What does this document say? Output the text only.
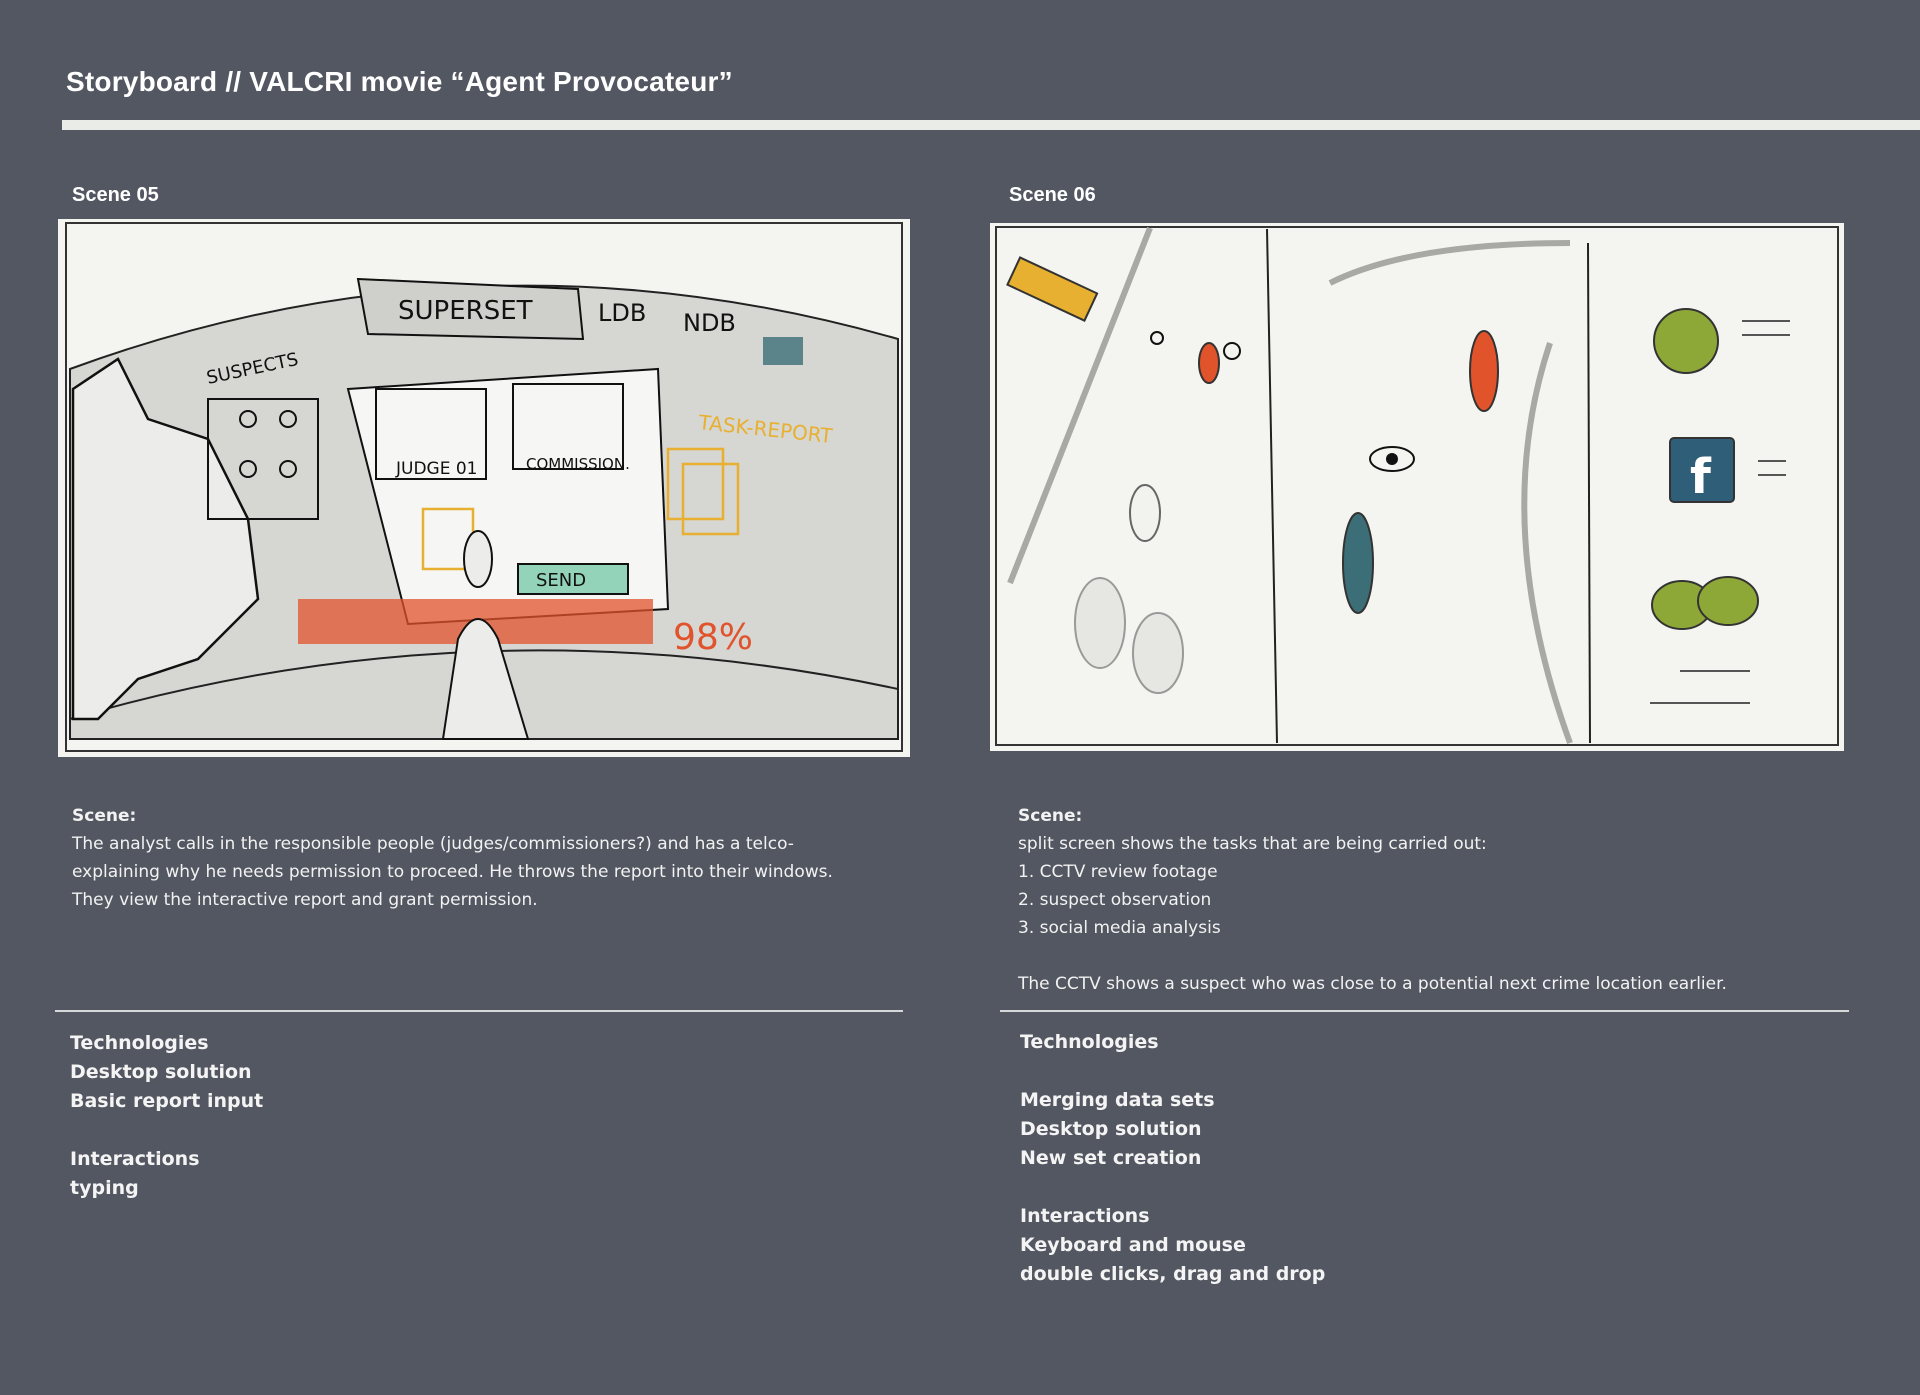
Storyboard // VALCRI movie “Agent Provocateur”
Scene 05
SUPERSET	LDB NDB
SUSPECTS
JUDGE 01	COMMISSION.
SEND
TASK-REPORT
98%

Scene:

The analyst calls in the responsible people (judges/commissioners?) and has a telco-

explaining why he needs permission to proceed. He throws the report into their windows.

They view the interactive report and grant permission.

Technologies
Desktop solution
Basic report input
Interactions
typing
Scene 06
f

Scene:

split screen shows the tasks that are being carried out:

1. CCTV review footage

2. suspect observation

3. social media analysis

The CCTV shows a suspect who was close to a potential next crime location earlier.

Technologies
Merging data sets
Desktop solution
New set creation
Interactions
Keyboard and mouse
double clicks, drag and drop
